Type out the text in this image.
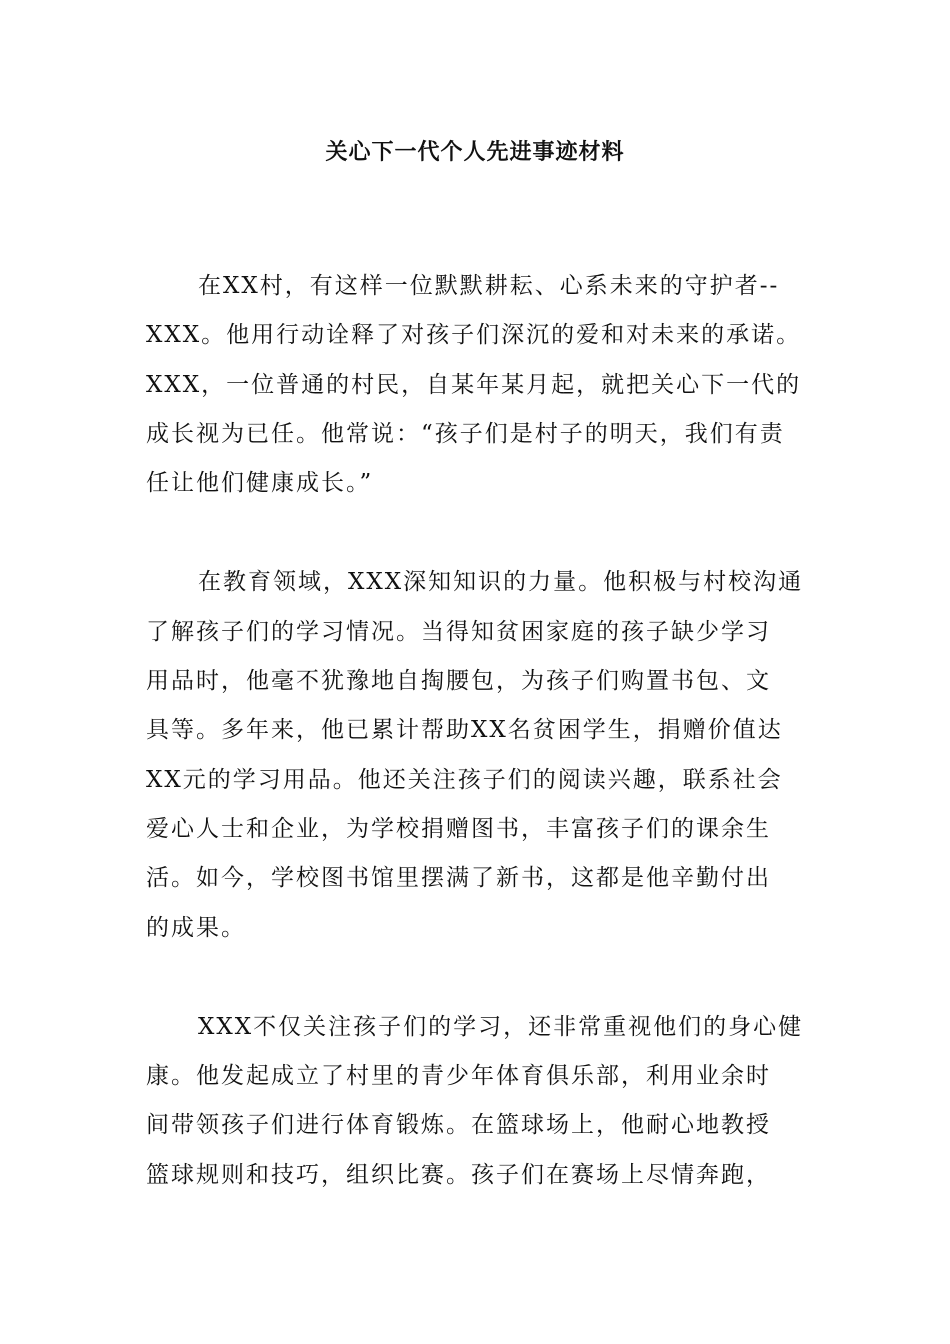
关心下一代个人先进事迹材料
在XX村，有这样一位默默耕耘、心系未来的守护者--
XXX。他用行动诠释了对孩子们深沉的爱和对未来的承诺。
XXX，一位普通的村民，自某年某月起，就把关心下一代的
成长视为已任。他常说：“孩子们是村子的明天，我们有责
任让他们健康成长。”
在教育领域，XXX深知知识的力量。他积极与村校沟通
了解孩子们的学习情况。当得知贫困家庭的孩子缺少学习
用品时，他毫不犹豫地自掏腰包，为孩子们购置书包、文
具等。多年来，他已累计帮助XX名贫困学生，捐赠价值达
XX元的学习用品。他还关注孩子们的阅读兴趣，联系社会
爱心人士和企业，为学校捐赠图书，丰富孩子们的课余生
活。如今，学校图书馆里摆满了新书，这都是他辛勤付出
的成果。
XXX不仅关注孩子们的学习，还非常重视他们的身心健
康。他发起成立了村里的青少年体育俱乐部，利用业余时
间带领孩子们进行体育锻炼。在篮球场上，他耐心地教授
篮球规则和技巧，组织比赛。孩子们在赛场上尽情奔跑，
